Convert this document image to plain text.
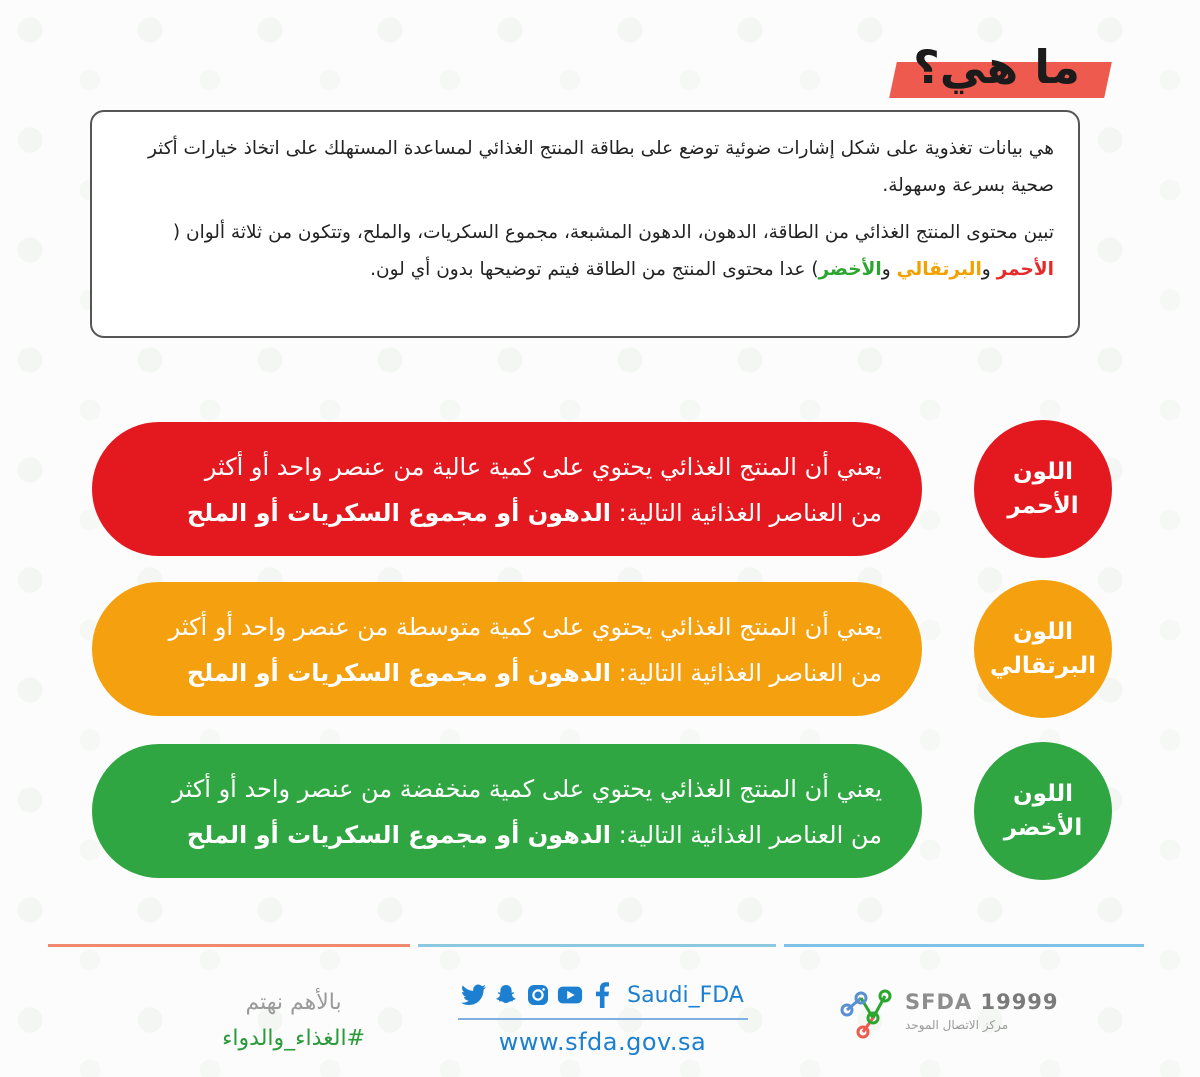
ما هي؟

هي بيانات تغذوية على شكل إشارات ضوئية توضع على بطاقة المنتج الغذائي لمساعدة المستهلك على اتخاذ خيارات أكثر صحية بسرعة وسهولة.

تبين محتوى المنتج الغذائي من الطاقة، الدهون، الدهون المشبعة، مجموع السكريات، والملح، وتتكون من ثلاثة ألوان ( الأحمر والبرتقالي والأخضر) عدا محتوى المنتج من الطاقة فيتم توضيحها بدون أي لون.

يعني أن المنتج الغذائي يحتوي على كمية عالية من عنصر واحد أو أكثر
من العناصر الغذائية التالية: الدهون أو مجموع السكريات أو الملح
اللون
الأحمر
يعني أن المنتج الغذائي يحتوي على كمية متوسطة من عنصر واحد أو أكثر
من العناصر الغذائية التالية: الدهون أو مجموع السكريات أو الملح
اللون
البرتقالي
يعني أن المنتج الغذائي يحتوي على كمية منخفضة من عنصر واحد أو أكثر
من العناصر الغذائية التالية: الدهون أو مجموع السكريات أو الملح
اللون
الأخضر
بالأهم نهتم
#الغذاء_والدواء
Saudi_FDA
www.sfda.gov.sa
SFDA 19999
مركز الاتصال الموحد
